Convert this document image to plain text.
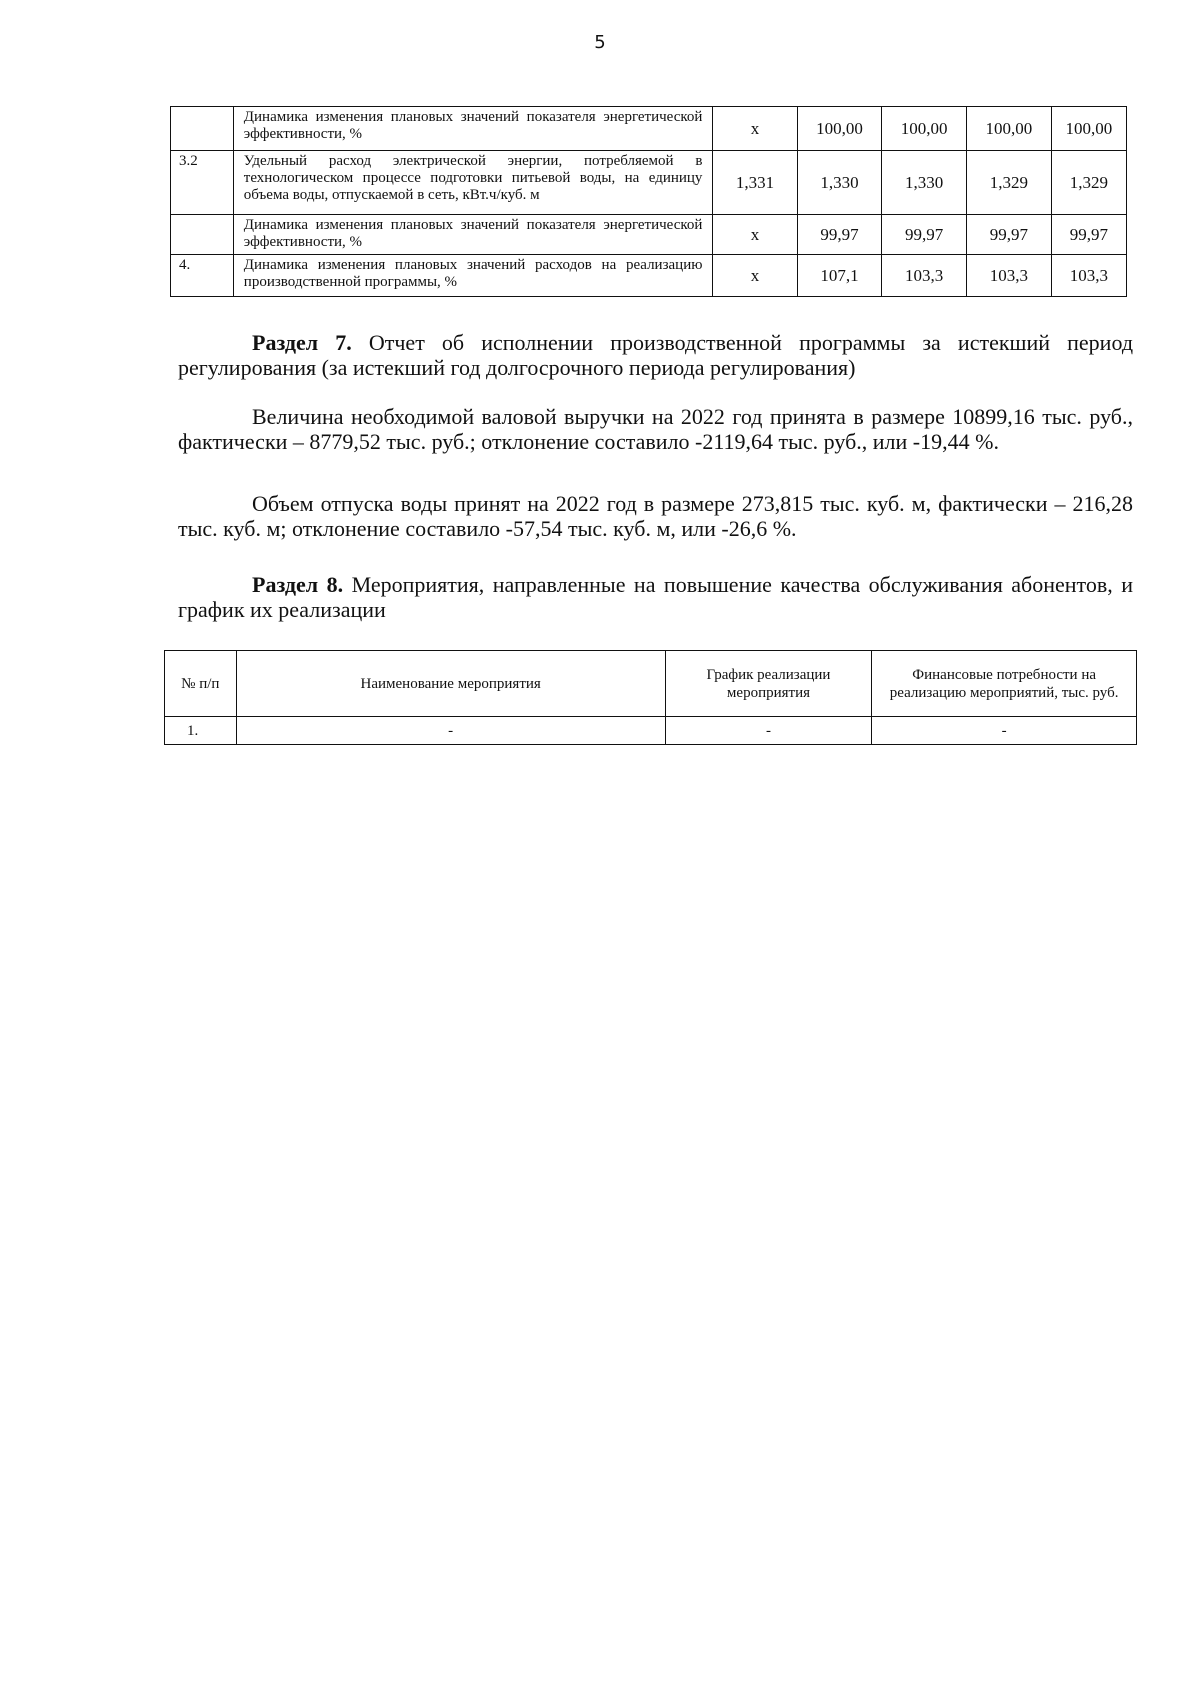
5
	Динамика изменения плановых значений показателя энергетической эффективности, %	x	100,00	100,00	100,00	100,00
3.2	Удельный расход электрической энергии, потребляемой в технологическом процессе подготовки питьевой воды, на единицу объема воды, отпускаемой в сеть, кВт.ч/куб. м	1,331	1,330	1,330	1,329	1,329
	Динамика изменения плановых значений показателя энергетической эффективности, %	x	99,97	99,97	99,97	99,97
4.	Динамика изменения плановых значений расходов на реализацию производственной программы, %	x	107,1	103,3	103,3	103,3

Раздел 7. Отчет об исполнении производственной программы за истекший период регулирования (за истекший год долгосрочного периода регулирования)

Величина необходимой валовой выручки на 2022 год принята в размере 10899,16 тыс. руб., фактически – 8779,52 тыс. руб.; отклонение составило -2119,64 тыс. руб., или -19,44 %.

Объем отпуска воды принят на 2022 год в размере 273,815 тыс. куб. м, фактически – 216,28 тыс. куб. м; отклонение составило -57,54 тыс. куб. м, или -26,6 %.

Раздел 8. Мероприятия, направленные на повышение качества обслуживания абонентов, и график их реализации

№ п/п	Наименование мероприятия	График реализации мероприятия	Финансовые потребности на реализацию мероприятий, тыс. руб.
1.	-	-	-
